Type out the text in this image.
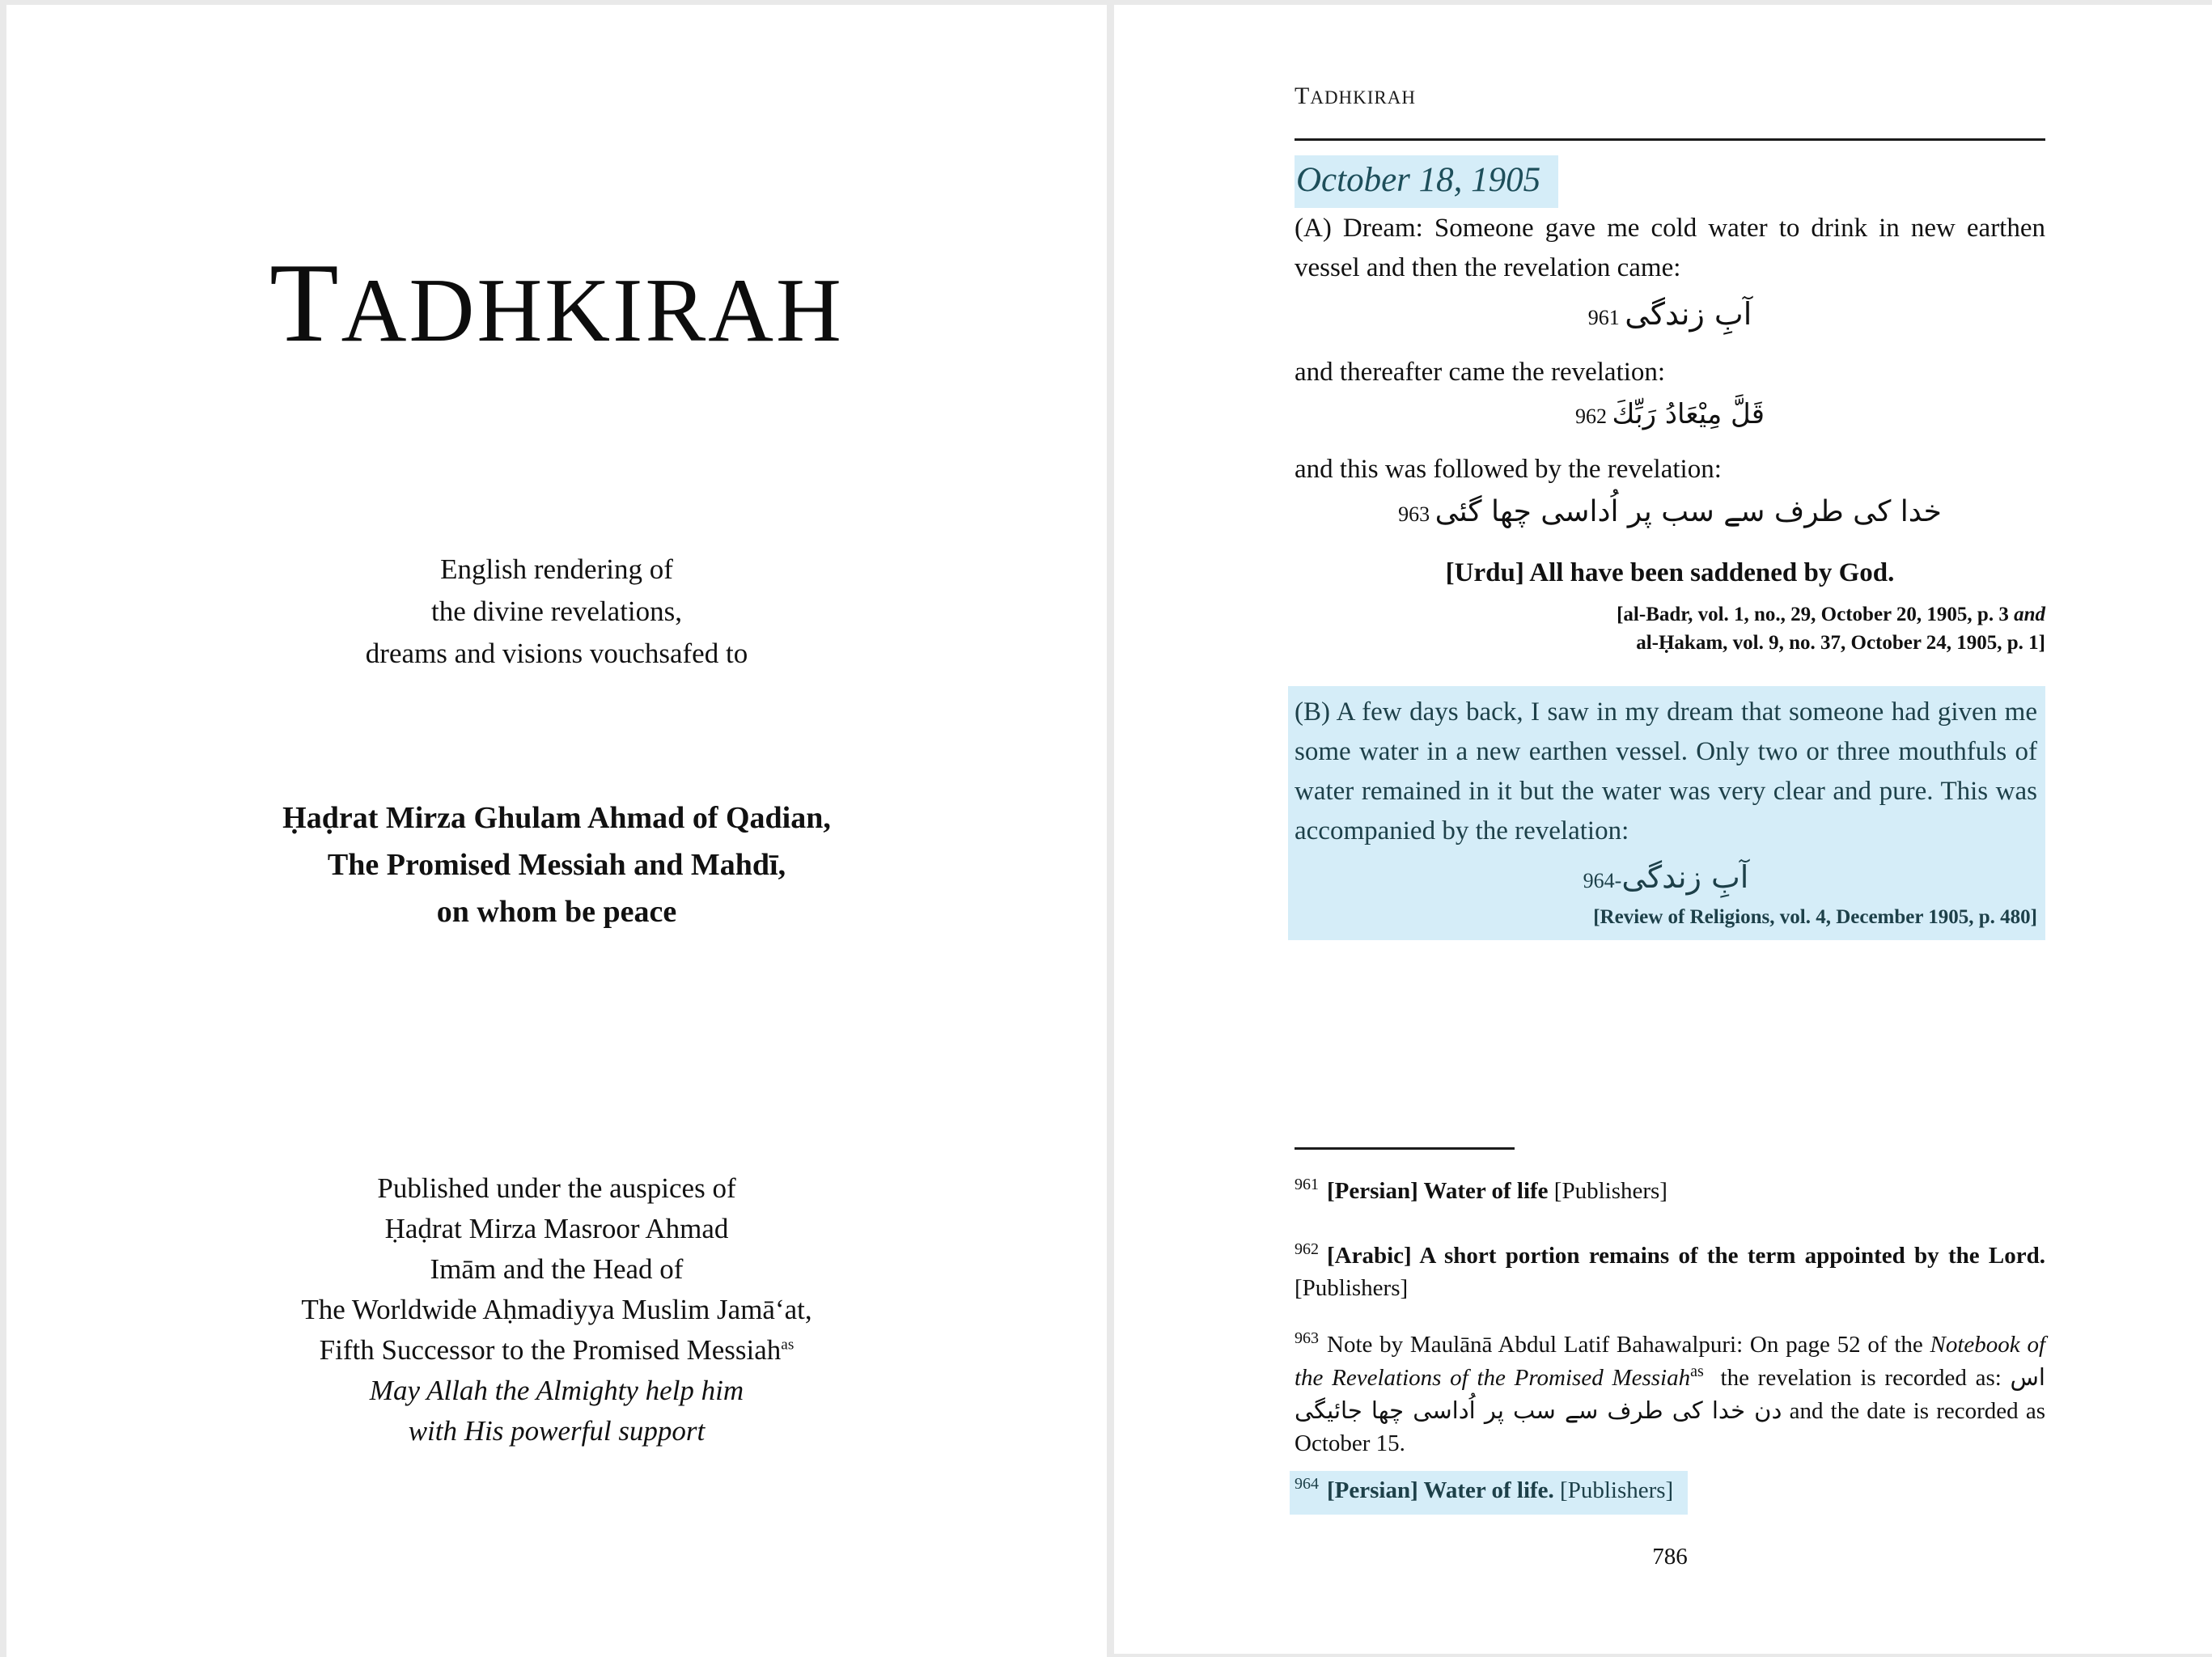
TADHKIRAH
English rendering of
the divine revelations,
dreams and visions vouchsafed to
Ḥaḍrat Mirza Ghulam Ahmad of Qadian,
The Promised Messiah and Mahdī,
on whom be peace
Published under the auspices of
Ḥaḍrat Mirza Masroor Ahmad
Imām and the Head of
The Worldwide Aḥmadiyya Muslim Jamāʻat,
Fifth Successor to the Promised Messiah$^{as}$
May Allah the Almighty help him
with His powerful support
TADHKIRAH
October 18, 1905
(A) Dream: Someone gave me cold water to drink in new earthen vessel and then the revelation came:
961 آبِ زندگی
and thereafter came the revelation:
962 قَلَّ مِيْعَادُ رَبِّكَ
and this was followed by the revelation:
963 خدا کی طرف سے سب پر اُداسی چھا گئی
[Urdu] All have been saddened by God.
[al-Badr, vol. 1, no., 29, October 20, 1905, p. 3 and
al-Ḥakam, vol. 9, no. 37, October 24, 1905, p. 1]
(B) A few days back, I saw in my dream that someone had given me some water in a new earthen vessel. Only two or three mouthfuls of water remained in it but the water was very clear and pure. This was accompanied by the revelation:
964-آبِ زندگی
[Review of Religions, vol. 4, December 1905, p. 480]
$^{961}$ [Persian] Water of life [Publishers]
$^{962}$ [Arabic] A short portion remains of the term appointed by the Lord. [Publishers]
$^{963}$ Note by Maulānā Abdul Latif Bahawalpuri: On page 52 of the Notebook of the Revelations of the Promised Messiah$^{as}$ the revelation is recorded as: اس دن خدا کی طرف سے سب پر اُداسی چھا جائیگی and the date is recorded as October 15.
$^{964}$ [Persian] Water of life. [Publishers]
786
